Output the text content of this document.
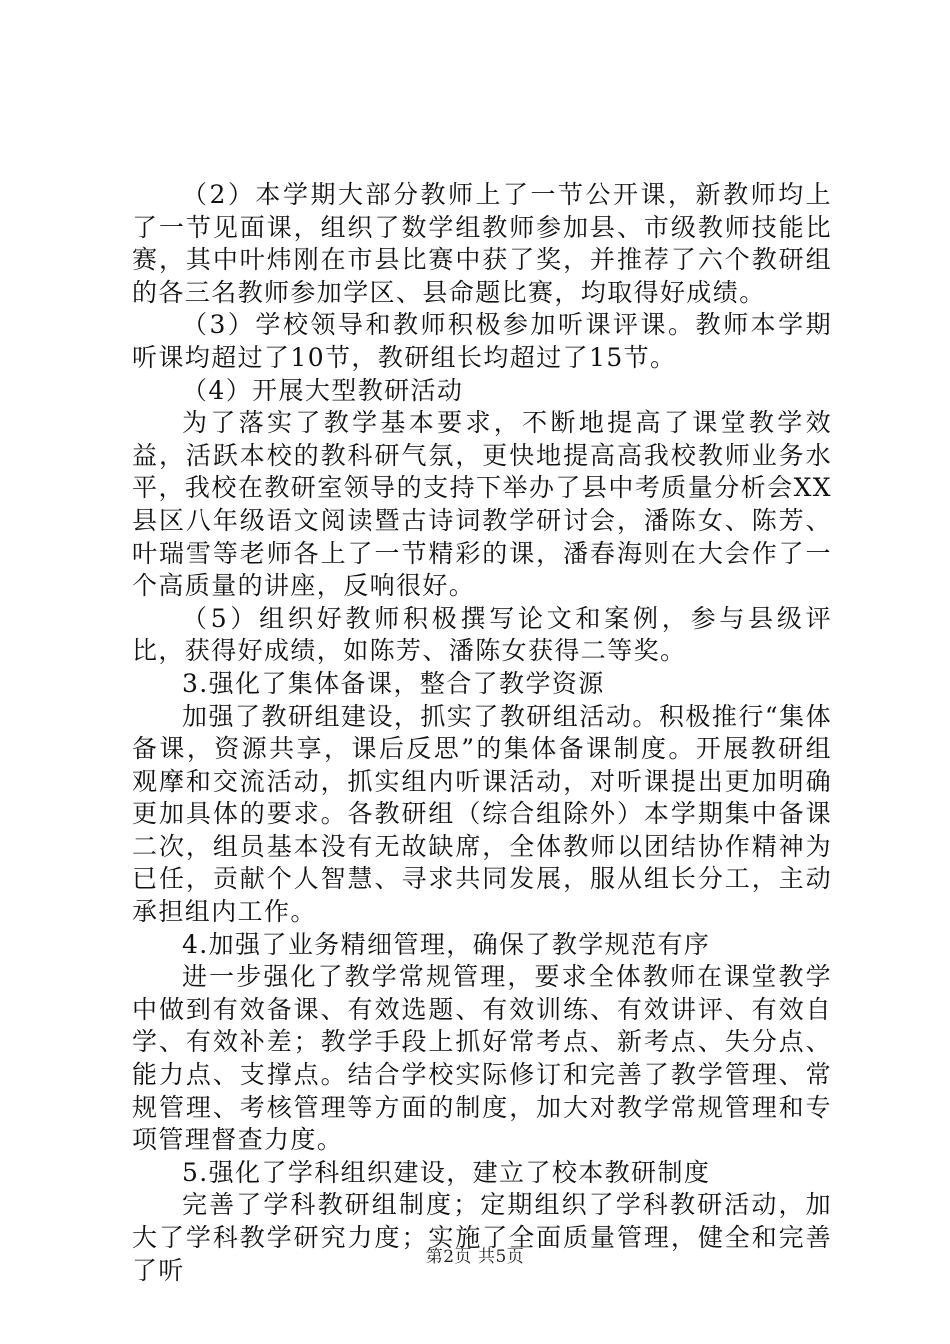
（2）本学期大部分教师上了一节公开课，新教师均上了一节见面课，组织了数学组教师参加县、市级教师技能比赛，其中叶炜刚在市县比赛中获了奖，并推荐了六个教研组的各三名教师参加学区、县命题比赛，均取得好成绩。

（3）学校领导和教师积极参加听课评课。教师本学期听课均超过了10节，教研组长均超过了15节。

（4）开展大型教研活动

为了落实了教学基本要求，不断地提高了课堂教学效益，活跃本校的教科研气氛，更快地提高高我校教师业务水平，我校在教研室领导的支持下举办了县中考质量分析会XX县区八年级语文阅读暨古诗词教学研讨会，潘陈女、陈芳、叶瑞雪等老师各上了一节精彩的课，潘春海则在大会作了一个高质量的讲座，反响很好。

（5）组织好教师积极撰写论文和案例，参与县级评比，获得好成绩，如陈芳、潘陈女获得二等奖。

3.强化了集体备课，整合了教学资源

加强了教研组建设，抓实了教研组活动。积极推行“集体备课，资源共享，课后反思”的集体备课制度。开展教研组观摩和交流活动，抓实组内听课活动，对听课提出更加明确更加具体的要求。各教研组（综合组除外）本学期集中备课二次，组员基本没有无故缺席，全体教师以团结协作精神为已任，贡献个人智慧、寻求共同发展，服从组长分工，主动承担组内工作。

4.加强了业务精细管理，确保了教学规范有序

进一步强化了教学常规管理，要求全体教师在课堂教学中做到有效备课、有效选题、有效训练、有效讲评、有效自学、有效补差；教学手段上抓好常考点、新考点、失分点、能力点、支撑点。结合学校实际修订和完善了教学管理、常规管理、考核管理等方面的制度，加大对教学常规管理和专项管理督查力度。

5.强化了学科组织建设，建立了校本教研制度

完善了学科教研组制度；定期组织了学科教研活动，加大了学科教学研究力度；实施了全面质量管理，健全和完善了听	第2页 共5页
